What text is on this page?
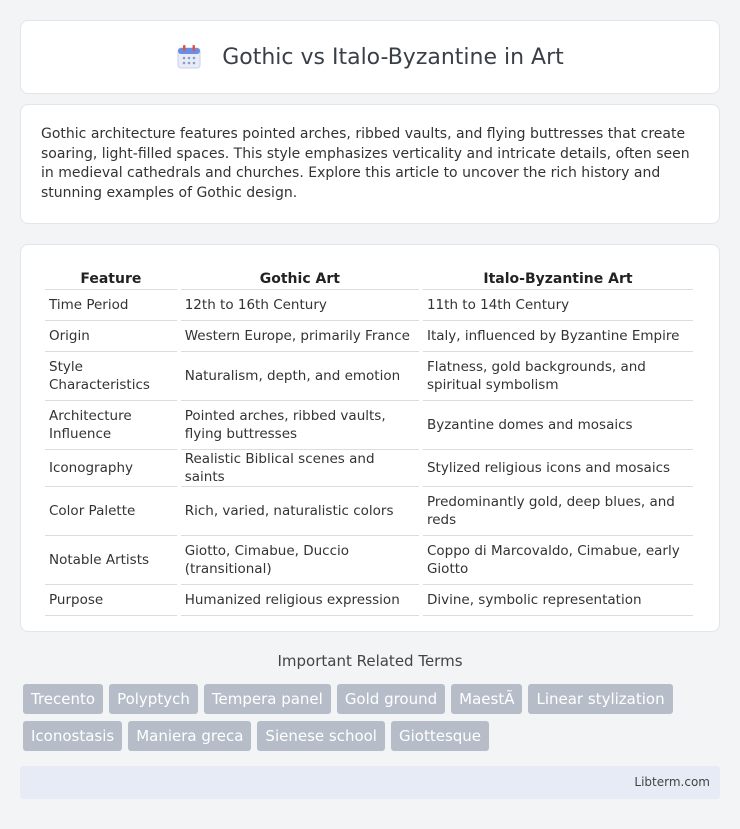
Gothic vs Italo-Byzantine in Art

Gothic architecture features pointed arches, ribbed vaults, and flying buttresses that create soaring, light-filled spaces. This style emphasizes verticality and intricate details, often seen in medieval cathedrals and churches. Explore this article to uncover the rich history and stunning examples of Gothic design.

Feature	Gothic Art	Italo-Byzantine Art
Time Period	12th to 16th Century	11th to 14th Century
Origin	Western Europe, primarily France	Italy, influenced by Byzantine Empire
Style Characteristics	Naturalism, depth, and emotion	Flatness, gold backgrounds, and spiritual symbolism
Architecture Influence	Pointed arches, ribbed vaults, flying buttresses	Byzantine domes and mosaics
Iconography	Realistic Biblical scenes and saints	Stylized religious icons and mosaics
Color Palette	Rich, varied, naturalistic colors	Predominantly gold, deep blues, and reds
Notable Artists	Giotto, Cimabue, Duccio (transitional)	Coppo di Marcovaldo, Cimabue, early Giotto
Purpose	Humanized religious expression	Divine, symbolic representation
Important Related Terms
Trecento	Polyptych	Tempera panel	Gold ground	MaestÃ	Linear stylization
Iconostasis	Maniera greca	Sienese school	Giottesque
Libterm.com
